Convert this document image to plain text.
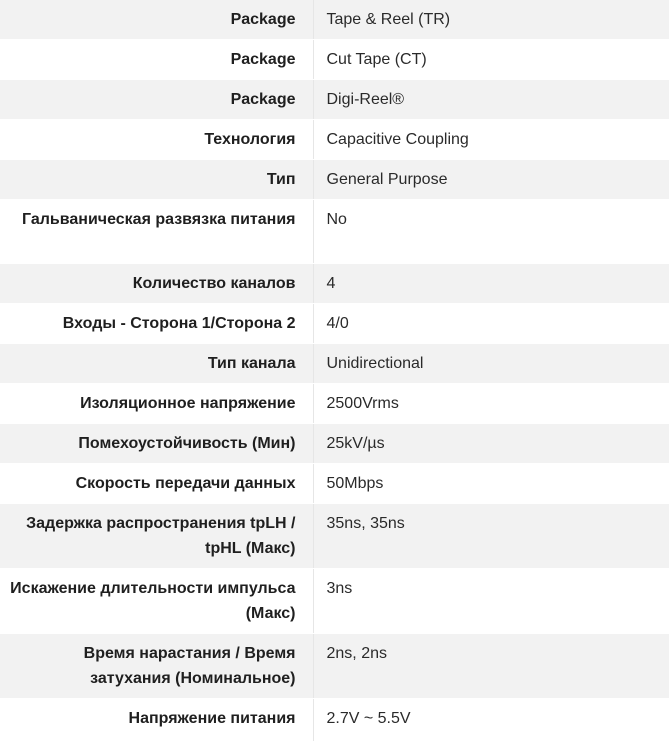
Package	Tape & Reel (TR)
Package	Cut Tape (CT)
Package	Digi-Reel®
Технология	Capacitive Coupling
Тип	General Purpose
Гальваническая развязка питания	No
Количество каналов	4
Входы - Сторона 1/Сторона 2	4/0
Тип канала	Unidirectional
Изоляционное напряжение	2500Vrms
Помехоустойчивость (Мин)	25kV/µs
Скорость передачи данных	50Mbps
Задержка распространения tpLH / tpHL (Макс)	35ns, 35ns
Искажение длительности импульса (Макс)	3ns
Время нарастания / Время затухания (Номинальное)	2ns, 2ns
Напряжение питания	2.7V ~ 5.5V
